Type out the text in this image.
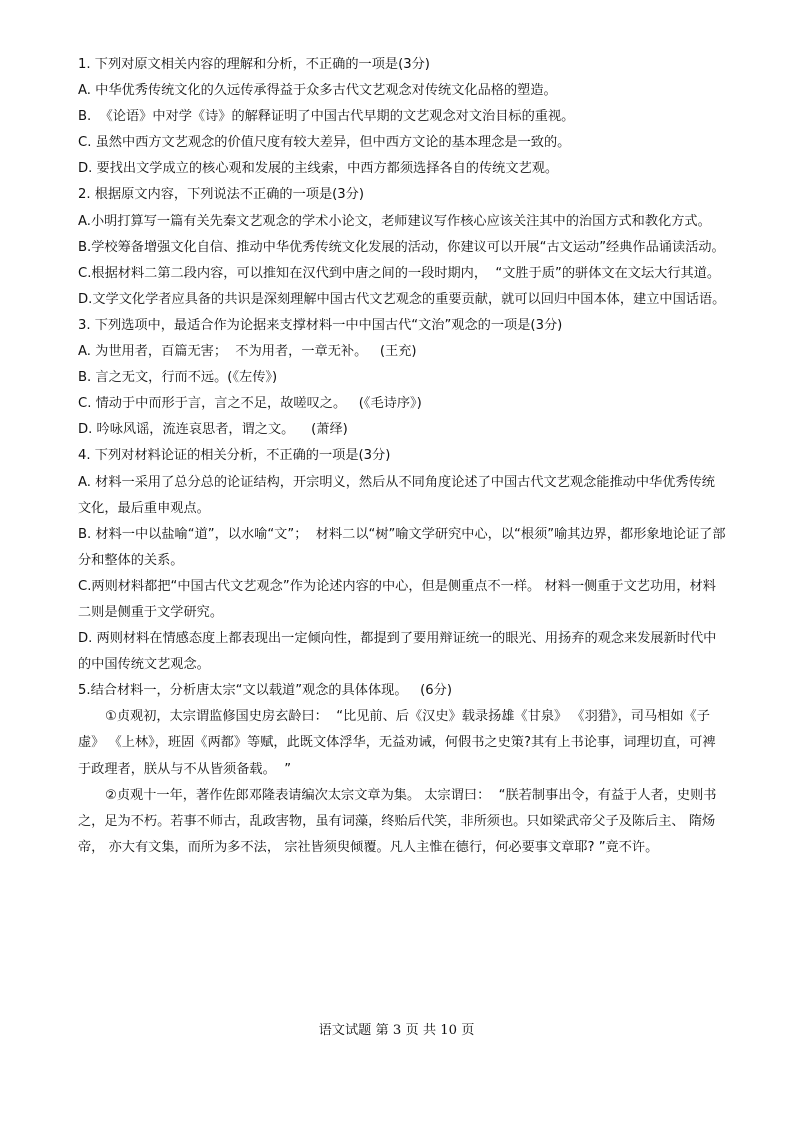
1. 下列对原文相关内容的理解和分析，不正确的一项是(3分)

A. 中华优秀传统文化的久远传承得益于众多古代文艺观念对传统文化品格的塑造。

B.  《论语》中对学《诗》的解释证明了中国古代早期的文艺观念对文治目标的重视。

C. 虽然中西方文艺观念的价值尺度有较大差异，但中西方文论的基本理念是一致的。

D. 要找出文学成立的核心观和发展的主线索，中西方都须选择各自的传统文艺观。

2. 根据原文内容，下列说法不正确的一项是(3分)

A.小明打算写一篇有关先秦文艺观念的学术小论文，老师建议写作核心应该关注其中的治国方式和教化方式。

B.学校筹备增强文化自信、推动中华优秀传统文化发展的活动，你建议可以开展“古文运动”经典作品诵读活动。

C.根据材料二第二段内容，可以推知在汉代到中唐之间的一段时期内，  “文胜于质”的骈体文在文坛大行其道。

D.文学文化学者应具备的共识是深刻理解中国古代文艺观念的重要贡献，就可以回归中国本体，建立中国话语。

3. 下列选项中，最适合作为论据来支撑材料一中中国古代“文治”观念的一项是(3分)

A. 为世用者，百篇无害；  不为用者，一章无补。   (王充)

B. 言之无文，行而不远。(《左传》)

C. 情动于中而形于言，言之不足，故嗟叹之。   (《毛诗序》)

D. 吟咏风谣，流连哀思者，谓之文。    (萧绎)

4. 下列对材料论证的相关分析，不正确的一项是(3分)

A. 材料一采用了总分总的论证结构，开宗明义，然后从不同角度论述了中国古代文艺观念能推动中华优秀传统文化，最后重申观点。

B. 材料一中以盐喻“道”，以水喻“文”；  材料二以“树”喻文学研究中心，以“根须”喻其边界，都形象地论证了部分和整体的关系。

C.两则材料都把“中国古代文艺观念”作为论述内容的中心，但是侧重点不一样。 材料一侧重于文艺功用，材料二则是侧重于文学研究。

D. 两则材料在情感态度上都表现出一定倾向性，都提到了要用辩证统一的眼光、用扬弃的观念来发展新时代中的中国传统文艺观念。

5.结合材料一，分析唐太宗“文以载道”观念的具体体现。   (6分)

①贞观初，太宗谓监修国史房玄龄曰：  “比见前、后《汉史》载录扬雄《甘泉》 《羽猎》，司马相如《子虚》 《上林》，班固《两都》等赋，此既文体浮华，无益劝诫，何假书之史策?其有上书论事，词理切直，可裨于政理者，朕从与不从皆须备载。  ”

②贞观十一年，著作佐郎邓隆表请编次太宗文章为集。 太宗谓曰：  “朕若制事出令，有益于人者，史则书之，足为不朽。若事不师古，乱政害物，虽有词藻，终贻后代笑，非所须也。只如梁武帝父子及陈后主、 隋炀帝， 亦大有文集，而所为多不法， 宗社皆须臾倾覆。凡人主惟在德行，何必要事文章耶? ”竟不许。

语文试题 第 3 页 共 10 页
